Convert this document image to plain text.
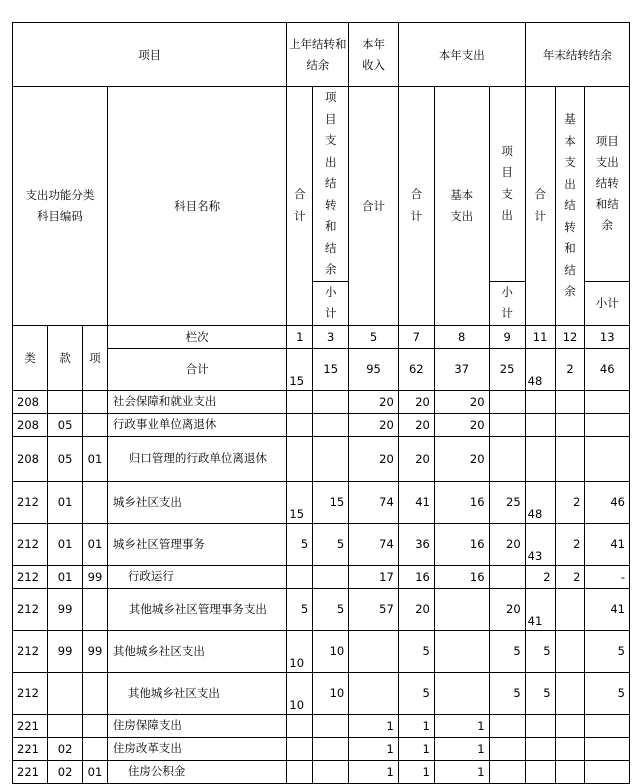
项目				上年结转和结余		本年收入	本年支出			年末结转结余		
支出功能分类科目编码			科目名称	合计	项目支出结转和结余	合计	合计	基本支出	项目支出	合计	基本支出结转和结余	项目支出结转和结余
					小计				小计			小计
类	款	项	栏次	1	3	5	7	8	9	11	12	13
			合计	15	15	95	62	37	25	48	2	46
208			社会保障和就业支出			20	20	20				
208	05		行政事业单位离退休			20	20	20				
208	05	01	归口管理的行政单位离退休			20	20	20				
212	01		城乡社区支出	15	15	74	41	16	25	48	2	46
212	01	01	城乡社区管理事务	5	5	74	36	16	20	43	2	41
212	01	99	行政运行			17	16	16		2	2	-
212	99		其他城乡社区管理事务支出	5	5	57	20		20	41		41
212	99	99	其他城乡社区支出	10	10		5		5	5		5
212			其他城乡社区支出	10	10		5		5	5		5
221			住房保障支出			1	1	1				
221	02		住房改革支出			1	1	1				
221	02	01	住房公积金			1	1	1				
